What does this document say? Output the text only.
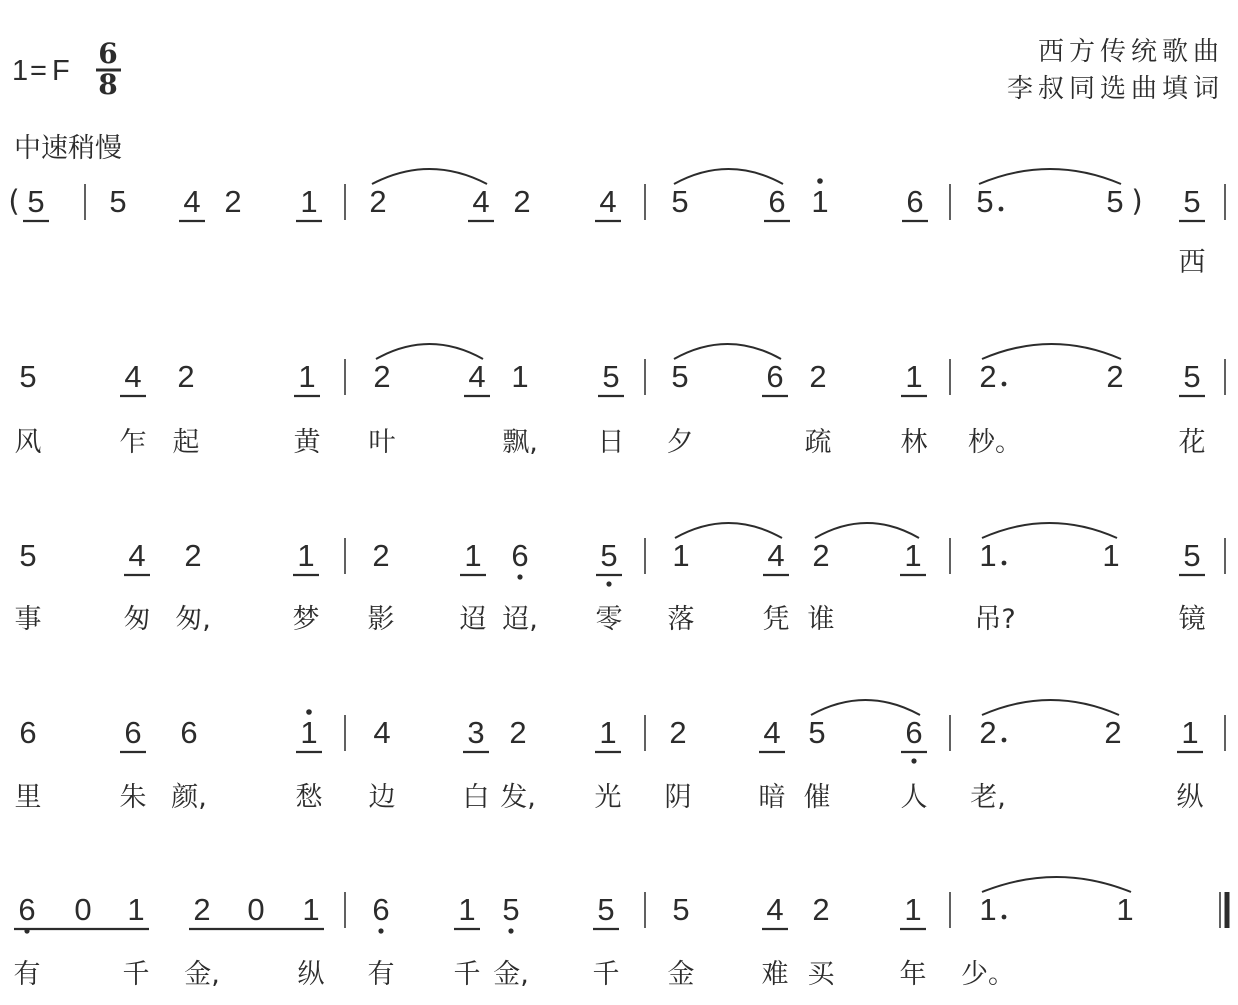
1 = F
6
8
西方传统歌曲
李叔同选曲填词
中速稍慢
( 5 5 4 2 1 2	4 2 4 5	6 1	6 5	5 ) 5
西
5	4 2	1 2	4 1 5 5	6 2	1 2	2 5
风	乍 起	黄 叶	飘, 日 夕	疏	林 杪。	花
5	4 2	1 2 1 6 5 1	4 2 1 1	1 5
事	匆 匆,	梦 影 迢 迢, 零 落	凭 谁	吊?	镜
6	6 6	1 4 3 2 1 2 4 5	6 2	2 1
里	朱 颜,	愁 边 白 发, 光 阴 暗 催	人 老,	纵
6 0 1 2 0 1 6 1 5	5 5 4 2 1 1	1
有	千 金,	纵 有 千 金, 千 金 难 买 年 少。
